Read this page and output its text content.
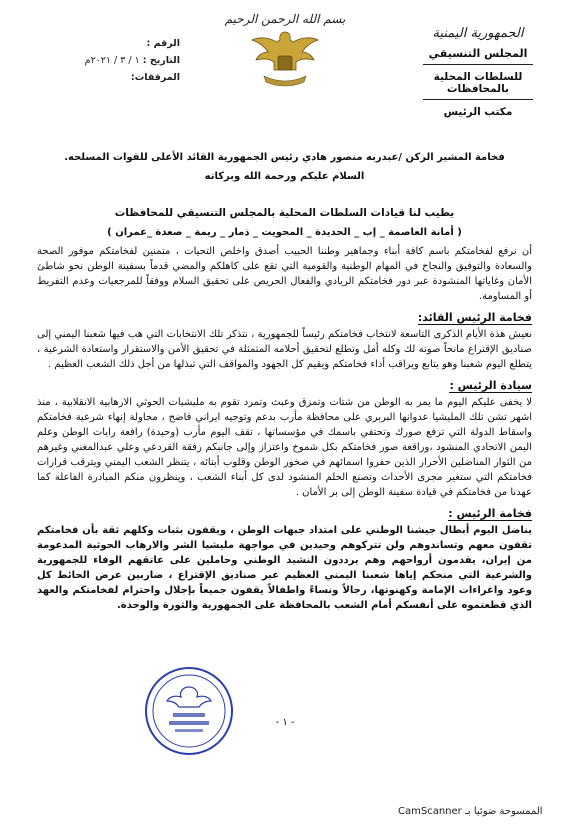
الجمهورية اليمنية
المجلس التنسيقي
للسلطات المحلية بالمحافظات
مكتب الرئيس
بسم الله الرحمن الرحيم
الرقم :
التاريخ : ١ / ٣ / ٢٠٢١م
المرفقات:
فخامة المشير الركن /عبدربه منصور هادي رئيس الجمهورية القائد الأعلى للقوات المسلحه.
السلام عليكم ورحمة الله وبركاته
يطيب لنا قيادات السلطات المحلية بالمجلس التنسيقي للمحافظات
( أمانة العاصمة _ إب _ الحديدة _ المحويت _ ذمار _ ريمة _ صعدة _عمران )

أن نرفع لفخامتكم باسم كافة أبناء وجماهير وطننا الحبيب أصدق واخلص التحيات ، متمنين لفخامتكم موفور الصحة والسعادة والتوفيق والنجاح في المهام الوطنية والقومية التي تقع على كاهلكم والمضي قدماً بسفينة الوطن نحو شاطئ الأمان وغاياتها المنشودة عبر دور فخامتكم الريادي والفعال الحريص على تحقيق السلام ووفقاً للمرجعيات وعدم التفريط أو المساومة.

فخامة الرئيس القائد:

نعيش هذة الأيام الذكرى التاسعة لانتخاب فخامتكم رئيساً للجمهورية ، نتذكر تلك الانتخابات التي هب فيها شعبنا اليمني إلى صناديق الإقتراع مانحاً صوته لك وكله أمل وتطلع لتحقيق أحلامه المتمثلة في تحقيق الأمن والاستقرار واستعادة الشرعية ، يتطلع اليوم شعبنا وهو يتابع ويراقب أداء فخامتكم ويقيم كل الجهود والمواقف التي تبذلها من أجل ذلك الشعب العظيم .

سيادة الرئيس :

لا يخفى عليكم اليوم ما يمر به الوطن من شتات وتمزق وعبث وتمرد تقوم به مليشيات الحوثي الارهابية الانقلابية ، منذ اشهر تشن تلك المليشيا عدوانها البربري على محافظة مأرب بدعم وتوجيه ايراني فاضح ، محاولة إنهاء شرعية فخامتكم واسقاط الدولة التي ترفع صورك وتحتفي باسمك في مؤسساتها ، تقف اليوم مأرب (وحيدة) رافعة رايات الوطن وعلم اليمن الاتحادي المنشود ،وراقعة صور فخامتكم بكل شموخ واعتزاز وإلى جانبكم رفقة القردعي وعلي عبدالمغني وغيرهم من الثوار المناضلين الأحرار الذين حفروا اسمائهم في صخور الوطن وقلوب أبنائه ، يتنظر الشعب اليمني ويترقب قرارات فخامتكم التي ستغير مجرى الأحداث وتصنع الحلم المنشود لدى كل أبناء الشعب ، وينظرون منكم المبادرة الفاعلة كما عهدنا من فخامتكم في قيادة سفينة الوطن إلى بر الأمان .

فخامة الرئيس :

يناضل اليوم أبطال جيشنا الوطني على امتداد جبهات الوطن ، ويقفون بثبات وكلهم ثقة بأن فخامتكم تقفون معهم وتساندوهم ولن تتركوهم وحيدين في مواجهة مليشيا الشر والارهاب الحوثية المدعومة من إيران، يقدمون أرواحهم وهم يرددون النشيد الوطني وحاملين على عاتقهم الوفاء للجمهورية والشرعية التي منحكم إياها شعبنا اليمني العظيم عبر صناديق الإقتراع ، ضاربين عرض الحائط كل وعود واغراءات الإمامة وكهنوتها، رجالاً ونساءً واطفالاً يقفون جميعاً بإجلال واحترام لفخامتكم والعهد الذي قطعتموه على أنفسكم أمام الشعب بالمحافظة على الجمهورية والثورة والوحدة.

- ١ -
CamScanner الممسوحة ضوئيا بـ
